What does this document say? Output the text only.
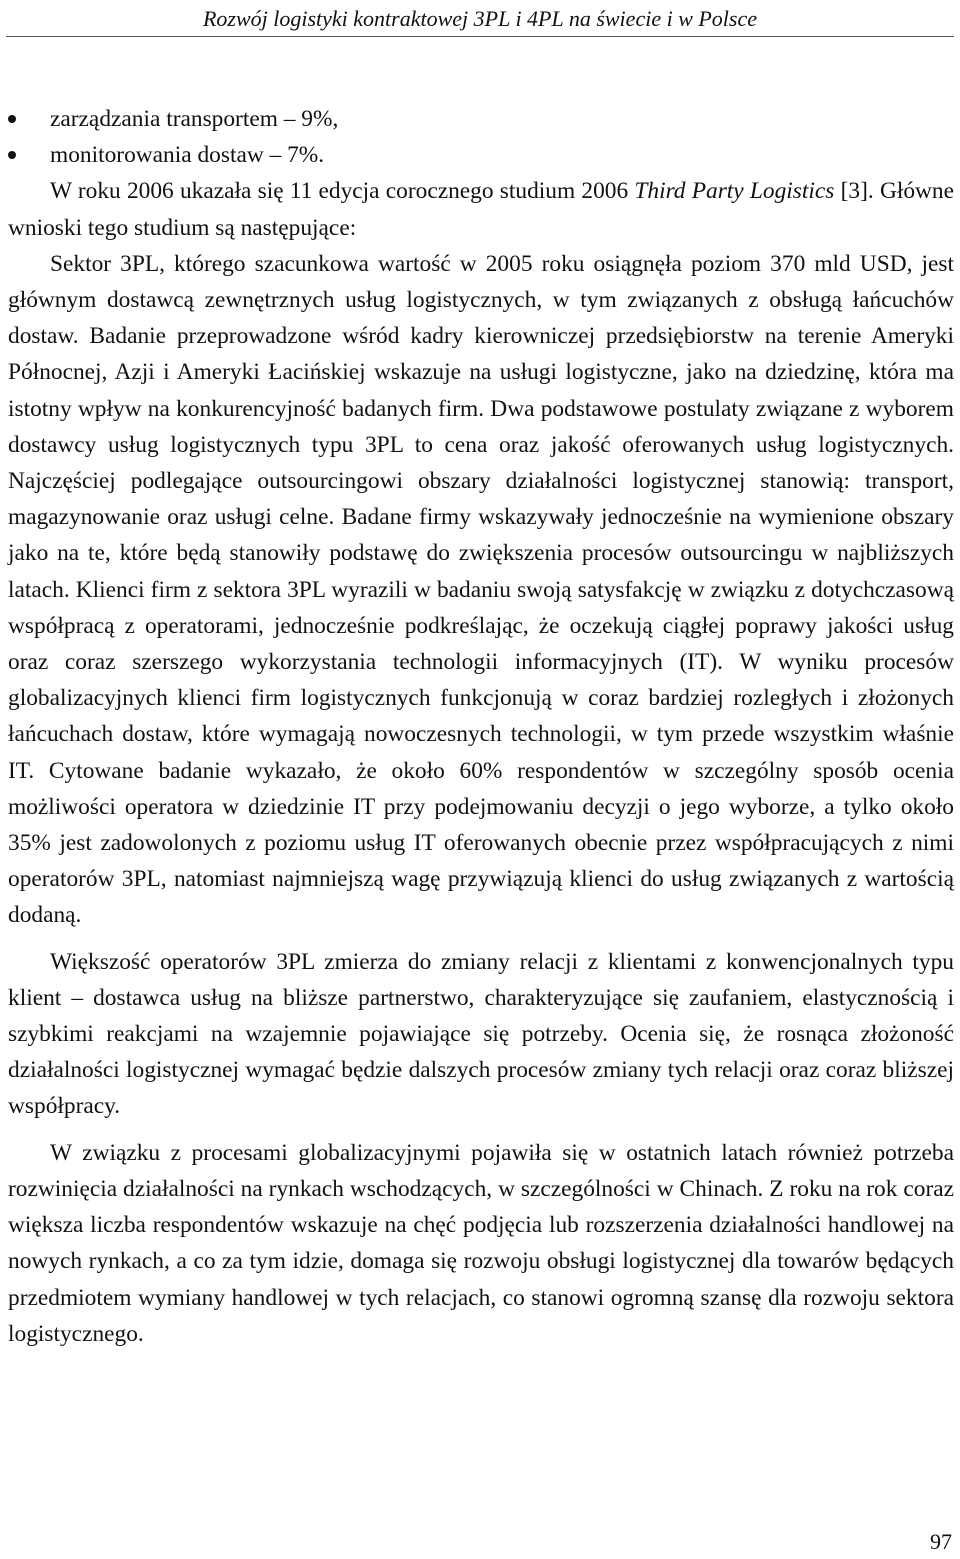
Rozwój logistyki kontraktowej 3PL i 4PL na świecie i w Polsce
zarządzania transportem – 9%,
monitorowania dostaw – 7%.

W roku 2006 ukazała się 11 edycja corocznego studium 2006 Third Party Logistics [3]. Główne wnioski tego studium są następujące:

Sektor 3PL, którego szacunkowa wartość w 2005 roku osiągnęła poziom 370 mld USD, jest głównym dostawcą zewnętrznych usług logistycznych, w tym związanych z obsługą łańcuchów dostaw. Badanie przeprowadzone wśród kadry kierowniczej przedsiębiorstw na terenie Ameryki Północnej, Azji i Ameryki Łacińskiej wskazuje na usługi logistyczne, jako na dziedzinę, która ma istotny wpływ na konkurencyjność badanych firm. Dwa podstawowe postulaty związane z wyborem dostawcy usług logistycznych typu 3PL to cena oraz jakość oferowanych usług logistycznych. Najczęściej podlegające outsourcingowi obszary działalności logistycznej stanowią: transport, magazynowanie oraz usługi celne. Badane firmy wskazywały jednocześnie na wymienione obszary jako na te, które będą stanowiły podstawę do zwiększenia procesów outsourcingu w najbliższych latach. Klienci firm z sektora 3PL wyrazili w badaniu swoją satysfakcję w związku z dotychczasową współpracą z operatorami, jednocześnie podkreślając, że oczekują ciągłej poprawy jakości usług oraz coraz szerszego wykorzystania technologii informacyjnych (IT). W wyniku procesów globalizacyjnych klienci firm logistycznych funkcjonują w coraz bardziej rozległych i złożonych łańcuchach dostaw, które wymagają nowoczesnych technologii, w tym przede wszystkim właśnie IT. Cytowane badanie wykazało, że około 60% respondentów w szczególny sposób ocenia możliwości operatora w dziedzinie IT przy podejmowaniu decyzji o jego wyborze, a tylko około 35% jest zadowolonych z poziomu usług IT oferowanych obecnie przez współpracujących z nimi operatorów 3PL, natomiast najmniejszą wagę przywiązują klienci do usług związanych z wartością dodaną.

Większość operatorów 3PL zmierza do zmiany relacji z klientami z konwencjonalnych typu klient – dostawca usług na bliższe partnerstwo, charakteryzujące się zaufaniem, elastycznością i szybkimi reakcjami na wzajemnie pojawiające się potrzeby. Ocenia się, że rosnąca złożoność działalności logistycznej wymagać będzie dalszych procesów zmiany tych relacji oraz coraz bliższej współpracy.

W związku z procesami globalizacyjnymi pojawiła się w ostatnich latach również potrzeba rozwinięcia działalności na rynkach wschodzących, w szczególności w Chinach. Z roku na rok coraz większa liczba respondentów wskazuje na chęć podjęcia lub rozszerzenia działalności handlowej na nowych rynkach, a co za tym idzie, domaga się rozwoju obsługi logistycznej dla towarów będących przedmiotem wymiany handlowej w tych relacjach, co stanowi ogromną szansę dla rozwoju sektora logistycznego.

97
